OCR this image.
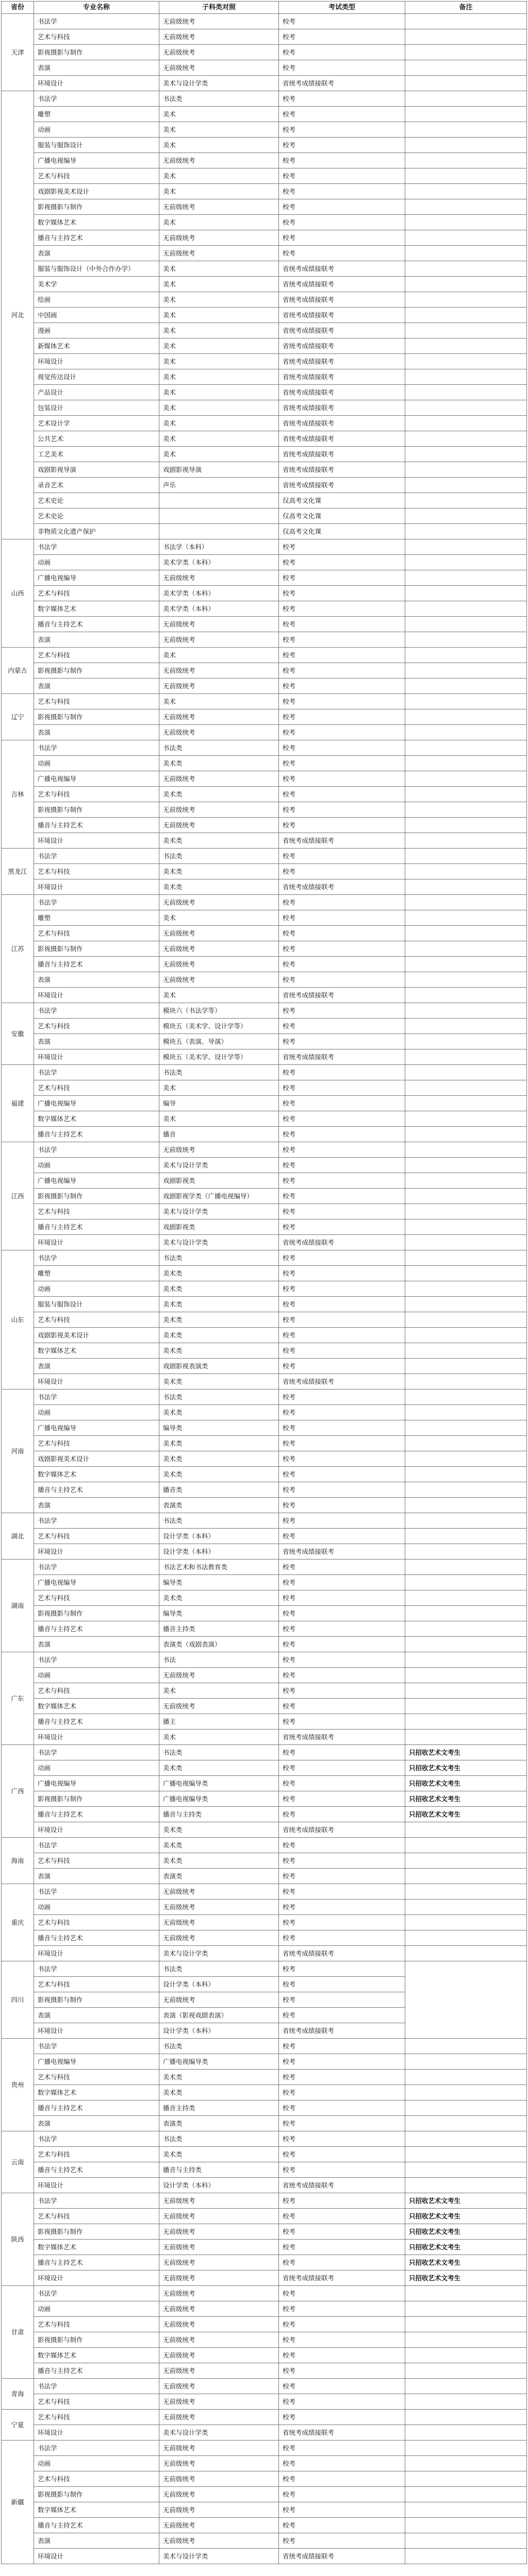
省份	专业名称	子科类对照	考试类型	备注
天津	书法学	无前级统考	校考	
	艺术与科技	无前级统考	校考	
	影视摄影与制作	无前级统考	校考	
	表演	无前级统考	校考	
	环境设计	美术与设计学类	省统考成绩接联考	
河北	书法学	书法类	校考	
	雕塑	美术	校考	
	动画	美术	校考	
	服装与服饰设计	美术	校考	
	广播电视编导	无前级统考	校考	
	艺术与科技	美术	校考	
	戏剧影视美术设计	美术	校考	
	影视摄影与制作	无前级统考	校考	
	数字媒体艺术	美术	校考	
	播音与主持艺术	无前级统考	校考	
	表演	无前级统考	校考	
	服装与服饰设计（中外合作办学）	美术	省统考成绩接联考	
	美术学	美术	省统考成绩接联考	
	绘画	美术	省统考成绩接联考	
	中国画	美术	省统考成绩接联考	
	漫画	美术	省统考成绩接联考	
	新媒体艺术	美术	省统考成绩接联考	
	环境设计	美术	省统考成绩接联考	
	视觉传达设计	美术	省统考成绩接联考	
	产品设计	美术	省统考成绩接联考	
	包装设计	美术	省统考成绩接联考	
	艺术设计学	美术	省统考成绩接联考	
	公共艺术	美术	省统考成绩接联考	
	工艺美术	美术	省统考成绩接联考	
	戏剧影视导演	戏剧影视导演	省统考成绩接联考	
	录音艺术	声乐	省统考成绩接联考	
	艺术史论		仅高考文化课	
	艺术史论		仅高考文化课	
	非物质文化遗产保护		仅高考文化课	
山西	书法学	书法学（本科）	校考	
	动画	美术学类（本科）	校考	
	广播电视编导	无前级统考	校考	
	艺术与科技	美术学类（本科）	校考	
	数字媒体艺术	美术学类（本科）	校考	
	播音与主持艺术	无前级统考	校考	
	表演	无前级统考	校考	
内蒙古	艺术与科技	美术	校考	
	影视摄影与制作	无前级统考	校考	
	表演	无前级统考	校考	
辽宁	艺术与科技	美术	校考	
	影视摄影与制作	无前级统考	校考	
	表演	无前级统考	校考	
吉林	书法学	书法类	校考	
	动画	美术类	校考	
	广播电视编导	无前级统考	校考	
	艺术与科技	美术类	校考	
	影视摄影与制作	无前级统考	校考	
	播音与主持艺术	无前级统考	校考	
	环境设计	美术类	省统考成绩接联考	
黑龙江	书法学	书法类	校考	
	艺术与科技	美术类	校考	
	环境设计	美术类	省统考成绩接联考	
江苏	书法学	无前级统考	校考	
	雕塑	美术	校考	
	艺术与科技	无前级统考	校考	
	影视摄影与制作	无前级统考	校考	
	播音与主持艺术	无前级统考	校考	
	表演	无前级统考	校考	
	环境设计	美术	省统考成绩接联考	
安徽	书法学	模块六（书法学等）	校考	
	艺术与科技	模块五（美术学、设计学等）	校考	
	表演	模块五（表演、导演）	校考	
	环境设计	模块五（美术学、设计学等）	省统考成绩接联考	
福建	书法学	书法类	校考	
	艺术与科技	美术	校考	
	广播电视编导	编导	校考	
	数字媒体艺术	美术	校考	
	播音与主持艺术	播音	校考	
江西	书法学	无前级统考	校考	
	动画	美术与设计学类	校考	
	广播电视编导	戏剧影视类	校考	
	影视摄影与制作	戏剧影视学类（广播电视编导）	校考	
	艺术与科技	美术与设计学类	校考	
	播音与主持艺术	戏剧影视类	校考	
	环境设计	美术与设计学类	省统考成绩接联考	
山东	书法学	书法类	校考	
	雕塑	美术类	校考	
	动画	美术类	校考	
	服装与服饰设计	美术类	校考	
	艺术与科技	美术类	校考	
	戏剧影视美术设计	美术类	校考	
	数字媒体艺术	美术类	校考	
	表演	戏剧影视表演类	校考	
	环境设计	美术类	省统考成绩接联考	
河南	书法学	书法类	校考	
	动画	美术类	校考	
	广播电视编导	编导类	校考	
	艺术与科技	美术类	校考	
	戏剧影视美术设计	美术类	校考	
	数字媒体艺术	美术类	校考	
	播音与主持艺术	播音类	校考	
	表演	表演类	校考	
湖北	书法学	书法类	校考	
	艺术与科技	设计学类（本科）	校考	
	环境设计	设计学类（本科）	省统考成绩接联考	
湖南	书法学	书法艺术和书法教育类	校考	
	广播电视编导	编导类	校考	
	艺术与科技	美术类	校考	
	影视摄影与制作	编导类	校考	
	播音与主持艺术	播音主持类	校考	
	表演	表演类（戏剧表演）	校考	
广东	书法学	书法	校考	
	动画	无前级统考	校考	
	艺术与科技	美术	校考	
	数字媒体艺术	无前级统考	校考	
	播音与主持艺术	播主	校考	
	环境设计	美术	省统考成绩接联考	
广西	书法学	书法类	校考	只招收艺术文考生
	动画	美术类	校考	只招收艺术文考生
	广播电视编导	广播电视编导类	校考	只招收艺术文考生
	影视摄影与制作	广播电视编导类	校考	只招收艺术文考生
	播音与主持艺术	播音与主持类	校考	只招收艺术文考生
	环境设计	美术类	省统考成绩接联考	
海南	书法学	美术类	校考	
	艺术与科技	美术类	校考	
	表演	表演类	校考	
重庆	书法学	无前级统考	校考	
	动画	无前级统考	校考	
	艺术与科技	无前级统考	校考	
	播音与主持艺术	无前级统考	校考	
	环境设计	美术与设计学类	省统考成绩接联考	
四川	书法学	书法类	校考	
	艺术与科技	设计学类（本科）	校考	
	影视摄影与制作	无前级统考	校考	
	表演	表演（影视戏剧表演）	校考	
	环境设计	设计学类（本科）	省统考成绩接联考	
贵州	书法学	书法类	校考	
	广播电视编导	广播电视编导类	校考	
	艺术与科技	美术类	校考	
	数字媒体艺术	美术类	校考	
	播音与主持艺术	播音主持类	校考	
	表演	表演类	校考	
云南	书法学	书法类	校考	
	艺术与科技	美术类	校考	
	播音与主持艺术	播音与主持类	校考	
	环境设计	设计学类（本科）	省统考成绩接联考	
陕西	书法学	无前级统考	校考	只招收艺术文考生
	艺术与科技	无前级统考	校考	只招收艺术文考生
	影视摄影与制作	无前级统考	校考	只招收艺术文考生
	数字媒体艺术	无前级统考	校考	只招收艺术文考生
	播音与主持艺术	无前级统考	校考	只招收艺术文考生
	环境设计	无前级统考	省统考成绩接联考	只招收艺术文考生
甘肃	书法学	无前级统考	校考	
	动画	无前级统考	校考	
	艺术与科技	无前级统考	校考	
	影视摄影与制作	无前级统考	校考	
	数字媒体艺术	无前级统考	校考	
	播音与主持艺术	无前级统考	校考	
青海	书法学	无前级统考	校考	
	艺术与科技	无前级统考	校考	
宁夏	艺术与科技	无前级统考	校考	
	环境设计	美术与设计学类	省统考成绩接联考	
新疆	书法学	无前级统考	校考	
	动画	无前级统考	校考	
	艺术与科技	无前级统考	校考	
	影视摄影与制作	无前级统考	校考	
	数字媒体艺术	无前级统考	校考	
	播音与主持艺术	无前级统考	校考	
	表演	无前级统考	校考	
	环境设计	美术与设计学类	省统考成绩接联考	
